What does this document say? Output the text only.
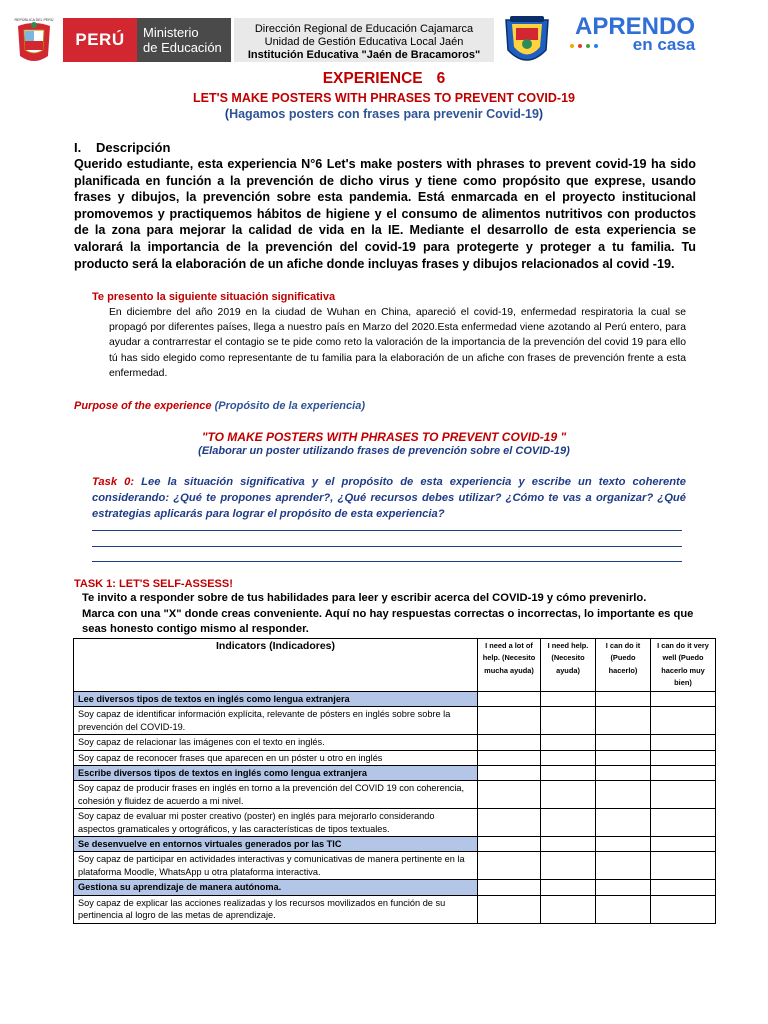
REPÚBLICA DEL PERÚ
PERÚ	Ministerio
de Educación
Dirección Regional de Educación Cajamarca
Unidad de Gestión Educativa Local Jaén
Institución Educativa "Jaén de Bracamoros"
APRENDO
en casa
EXPERIENCE 6
LET'S MAKE POSTERS WITH PHRASES TO PREVENT COVID-19
(Hagamos posters con frases para prevenir Covid-19)
I. Descripción
Querido estudiante, esta experiencia N°6 Let's make posters with phrases to prevent covid-19 ha sido planificada en función a la prevención de dicho virus y tiene como propósito que exprese, usando frases y dibujos, la prevención sobre esta pandemia. Está enmarcada en el proyecto institucional promovemos y practiquemos hábitos de higiene y el consumo de alimentos nutritivos con productos de la zona para mejorar la calidad de vida en la IE. Mediante el desarrollo de esta experiencia se valorará la importancia de la prevención del covid-19 para protegerte y proteger a tu familia. Tu producto será la elaboración de un afiche donde incluyas frases y dibujos relacionados al covid -19.
Te presento la siguiente situación significativa
En diciembre del año 2019 en la ciudad de Wuhan en China, apareció el covid-19, enfermedad respiratoria la cual se propagó por diferentes países, llega a nuestro país en Marzo del 2020.Esta enfermedad viene azotando al Perú entero, para ayudar a contrarrestar el contagio se te pide como reto la valoración de la importancia de la prevención del covid 19 para ello tú has sido elegido como representante de tu familia para la elaboración de un afiche con frases de prevención frente a esta enfermedad.
Purpose of the experience (Propósito de la experiencia)
"TO MAKE POSTERS WITH PHRASES TO PREVENT COVID-19 "
(Elaborar un poster utilizando frases de prevención sobre el COVID-19)
Task 0: Lee la situación significativa y el propósito de esta experiencia y escribe un texto coherente considerando: ¿Qué te propones aprender?, ¿Qué recursos debes utilizar? ¿Cómo te vas a organizar? ¿Qué estrategias aplicarás para lograr el propósito de esta experiencia?
TASK 1: LET'S SELF-ASSESS!
Te invito a responder sobre de tus habilidades para leer y escribir acerca del COVID-19 y cómo prevenirlo.
Marca con una "X" donde creas conveniente. Aquí no hay respuestas correctas o incorrectas, lo importante es que seas honesto contigo mismo al responder.
Indicators (Indicadores)	I need a lot of help. (Necesito mucha ayuda)	I need help. (Necesito ayuda)	I can do it (Puedo hacerlo)	I can do it very well (Puedo hacerlo muy bien)
Lee diversos tipos de textos en inglés como lengua extranjera				
Soy capaz de identificar información explícita, relevante de pósters en inglés sobre sobre la prevención del COVID-19.				
Soy capaz de relacionar las imágenes con el texto en inglés.				
Soy capaz de reconocer frases que aparecen en un póster u otro en inglés				
Escribe diversos tipos de textos en inglés como lengua extranjera				
Soy capaz de producir frases en inglés en torno a la prevención del COVID 19 con coherencia, cohesión y fluidez de acuerdo a mi nivel.				
Soy capaz de evaluar mi poster creativo (poster) en inglés para mejorarlo considerando aspectos gramaticales y ortográficos, y las características de tipos textuales.				
Se desenvuelve en entornos virtuales generados por las TIC				
Soy capaz de participar en actividades interactivas y comunicativas de manera pertinente en la plataforma Moodle, WhatsApp u otra plataforma interactiva.				
Gestiona su aprendizaje de manera autónoma.				
Soy capaz de explicar las acciones realizadas y los recursos movilizados en función de su pertinencia al logro de las metas de aprendizaje.				
